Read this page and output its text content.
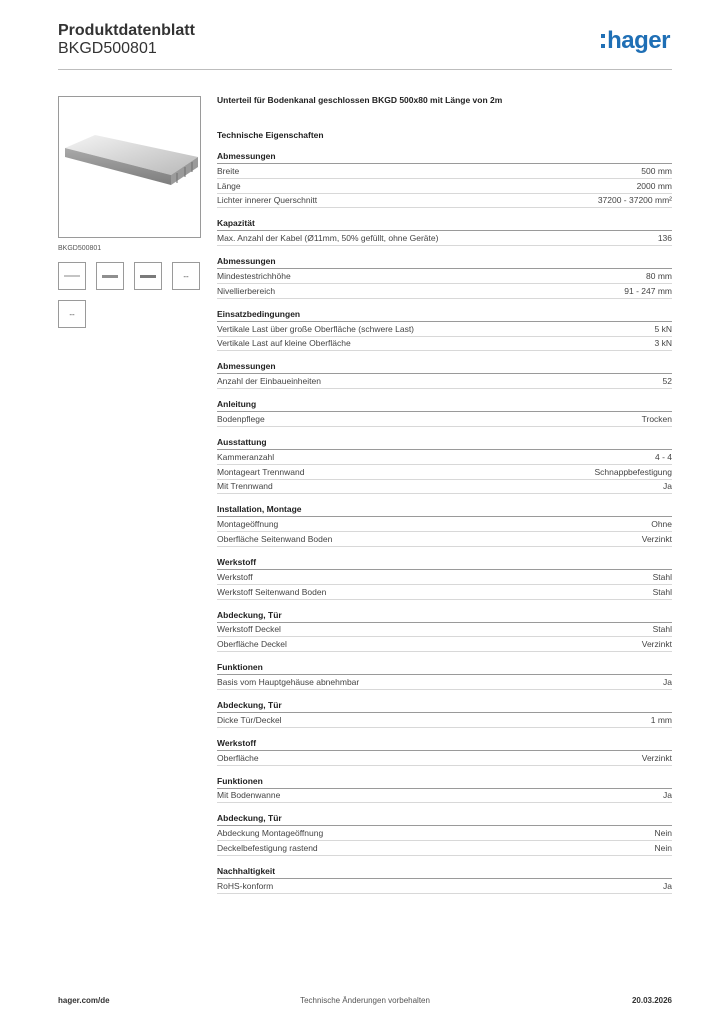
Produktdatenblatt
BKGD500801	hager
BKGD500801
--
--
Unterteil für Bodenkanal geschlossen BKGD 500x80 mit Länge von 2m
Technische Eigenschaften
Abmessungen
Breite	500 mm
Länge	2000 mm
Lichter innerer Querschnitt	37200 - 37200 mm²
Kapazität
Max. Anzahl der Kabel (Ø11mm, 50% gefüllt, ohne Geräte)	136
Abmessungen
Mindestestrichhöhe	80 mm
Nivellierbereich	91 - 247 mm
Einsatzbedingungen
Vertikale Last über große Oberfläche (schwere Last)	5 kN
Vertikale Last auf kleine Oberfläche	3 kN
Abmessungen
Anzahl der Einbaueinheiten	52
Anleitung
Bodenpflege	Trocken
Ausstattung
Kammeranzahl	4 - 4
Montageart Trennwand	Schnappbefestigung
Mit Trennwand	Ja
Installation, Montage
Montageöffnung	Ohne
Oberfläche Seitenwand Boden	Verzinkt
Werkstoff
Werkstoff	Stahl
Werkstoff Seitenwand Boden	Stahl
Abdeckung, Tür
Werkstoff Deckel	Stahl
Oberfläche Deckel	Verzinkt
Funktionen
Basis vom Hauptgehäuse abnehmbar	Ja
Abdeckung, Tür
Dicke Tür/Deckel	1 mm
Werkstoff
Oberfläche	Verzinkt
Funktionen
Mit Bodenwanne	Ja
Abdeckung, Tür
Abdeckung Montageöffnung	Nein
Deckelbefestigung rastend	Nein
Nachhaltigkeit
RoHS-konform	Ja
hager.com/de	Technische Änderungen vorbehalten	20.03.2026
